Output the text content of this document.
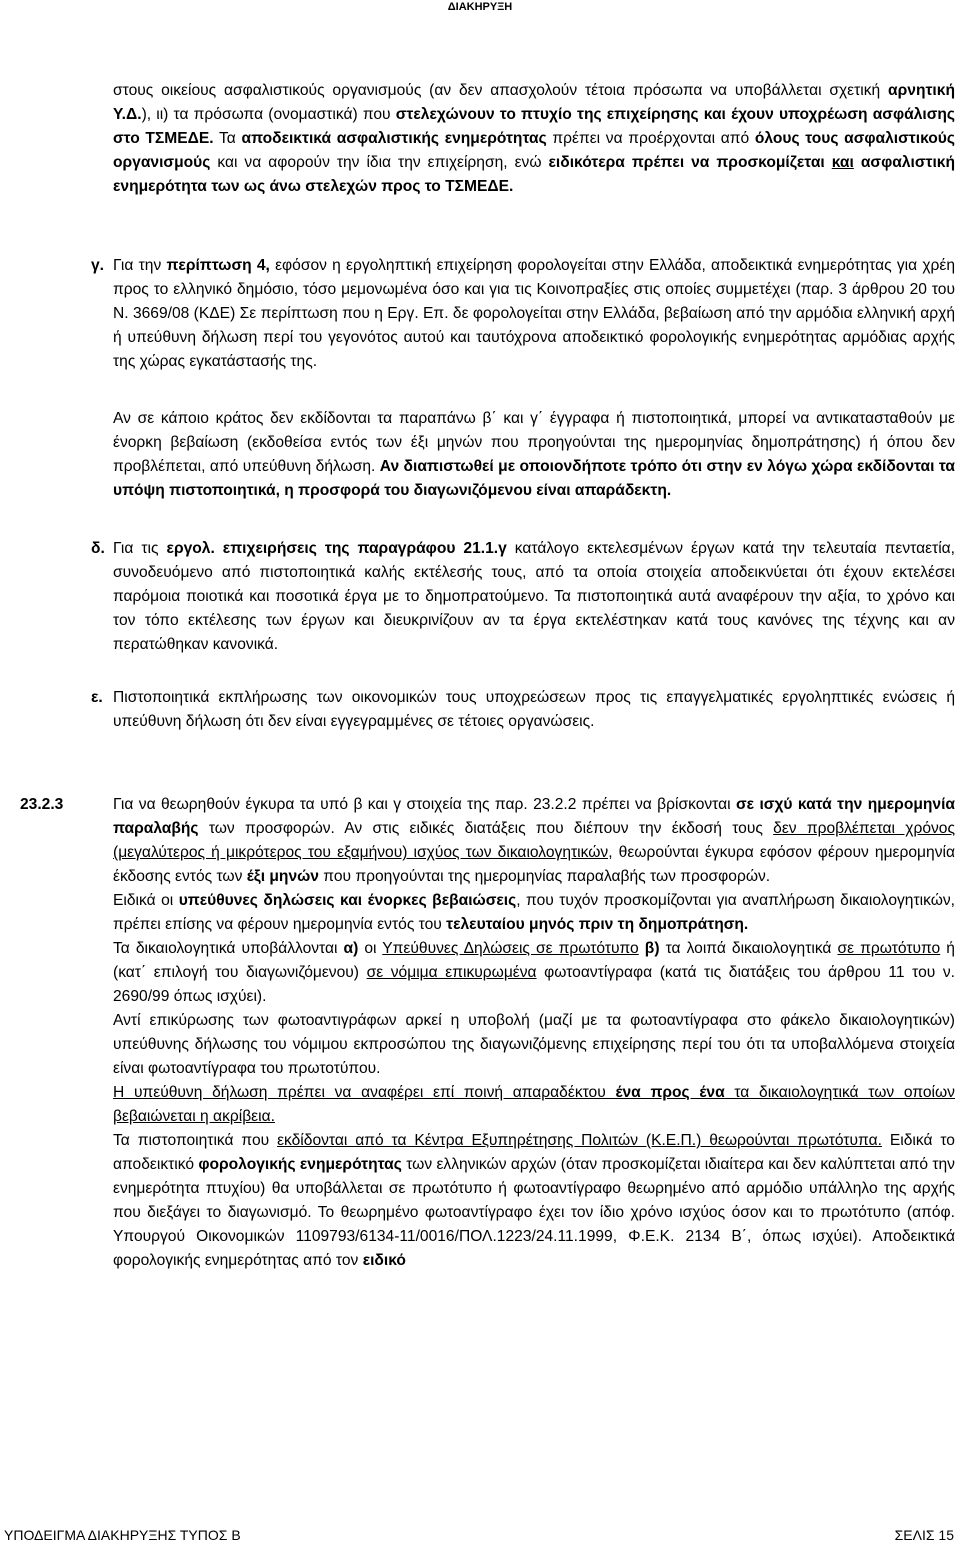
ΔΙΑΚΗΡΥΞΗ
στους οικείους ασφαλιστικούς οργανισμούς (αν δεν απασχολούν τέτοια πρόσωπα να υποβάλλεται σχετική αρνητική Υ.Δ.), ιι) τα πρόσωπα (ονομαστικά) που στελεχώνουν το πτυχίο της επιχείρησης και έχουν υποχρέωση ασφάλισης στο ΤΣΜΕΔΕ. Τα αποδεικτικά ασφαλιστικής ενημερότητας πρέπει να προέρχονται από όλους τους ασφαλιστικούς οργανισμούς και να αφορούν την ίδια την επιχείρηση, ενώ ειδικότερα πρέπει να προσκομίζεται και ασφαλιστική ενημερότητα των ως άνω στελεχών προς το ΤΣΜΕΔΕ.
γ. Για την περίπτωση 4, εφόσον η εργοληπτική επιχείρηση φορολογείται στην Ελλάδα, αποδεικτικά ενημερότητας για χρέη προς το ελληνικό δημόσιο, τόσο μεμονωμένα όσο και για τις Κοινοπραξίες στις οποίες συμμετέχει (παρ. 3 άρθρου 20 του Ν. 3669/08 (ΚΔΕ) Σε περίπτωση που η Εργ. Επ. δε φορολογείται στην Ελλάδα, βεβαίωση από την αρμόδια ελληνική αρχή ή υπεύθυνη δήλωση περί του γεγονότος αυτού και ταυτόχρονα αποδεικτικό φορολογικής ενημερότητας αρμόδιας αρχής της χώρας εγκατάστασής της.
Αν σε κάποιο κράτος δεν εκδίδονται τα παραπάνω β΄ και γ΄ έγγραφα ή πιστοποιητικά, μπορεί να αντικατασταθούν με ένορκη βεβαίωση (εκδοθείσα εντός των έξι μηνών που προηγούνται της ημερομηνίας δημοπράτησης) ή όπου δεν προβλέπεται, από υπεύθυνη δήλωση. Αν διαπιστωθεί με οποιονδήποτε τρόπο ότι στην εν λόγω χώρα εκδίδονται τα υπόψη πιστοποιητικά, η προσφορά του διαγωνιζόμενου είναι απαράδεκτη.
δ. Για τις εργολ. επιχειρήσεις της παραγράφου 21.1.γ κατάλογο εκτελεσμένων έργων κατά την τελευταία πενταετία, συνοδευόμενο από πιστοποιητικά καλής εκτέλεσής τους, από τα οποία στοιχεία αποδεικνύεται ότι έχουν εκτελέσει παρόμοια ποιοτικά και ποσοτικά έργα με το δημοπρατούμενο. Τα πιστοποιητικά αυτά αναφέρουν την αξία, το χρόνο και τον τόπο εκτέλεσης των έργων και διευκρινίζουν αν τα έργα εκτελέστηκαν κατά τους κανόνες της τέχνης και αν περατώθηκαν κανονικά.
ε. Πιστοποιητικά εκπλήρωσης των οικονομικών τους υποχρεώσεων προς τις επαγγελματικές εργοληπτικές ενώσεις ή υπεύθυνη δήλωση ότι δεν είναι εγγεγραμμένες σε τέτοιες οργανώσεις.
23.2.3	Για να θεωρηθούν έγκυρα τα υπό β και γ στοιχεία της παρ. 23.2.2 πρέπει να βρίσκονται σε ισχύ κατά την ημερομηνία παραλαβής των προσφορών. Αν στις ειδικές διατάξεις που διέπουν την έκδοσή τους δεν προβλέπεται χρόνος (μεγαλύτερος ή μικρότερος του εξαμήνου) ισχύος των δικαιολογητικών, θεωρούνται έγκυρα εφόσον φέρουν ημερομηνία έκδοσης εντός των έξι μηνών που προηγούνται της ημερομηνίας παραλαβής των προσφορών.
Ειδικά οι υπεύθυνες δηλώσεις και ένορκες βεβαιώσεις, που τυχόν προσκομίζονται για αναπλήρωση δικαιολογητικών, πρέπει επίσης να φέρουν ημερομηνία εντός του τελευταίου μηνός πριν τη δημοπράτηση.
Τα δικαιολογητικά υποβάλλονται α) οι Υπεύθυνες Δηλώσεις σε πρωτότυπο β) τα λοιπά δικαιολογητικά σε πρωτότυπο ή (κατ΄ επιλογή του διαγωνιζόμενου) σε νόμιμα επικυρωμένα φωτοαντίγραφα (κατά τις διατάξεις του άρθρου 11 του ν. 2690/99 όπως ισχύει).
Αντί επικύρωσης των φωτοαντιγράφων αρκεί η υποβολή (μαζί με τα φωτοαντίγραφα στο φάκελο δικαιολογητικών) υπεύθυνης δήλωσης του νόμιμου εκπροσώπου της διαγωνιζόμενης επιχείρησης περί του ότι τα υποβαλλόμενα στοιχεία είναι φωτοαντίγραφα του πρωτοτύπου.
Η υπεύθυνη δήλωση πρέπει να αναφέρει επί ποινή απαραδέκτου ένα προς ένα τα δικαιολογητικά των οποίων βεβαιώνεται η ακρίβεια.
Τα πιστοποιητικά που εκδίδονται από τα Κέντρα Εξυπηρέτησης Πολιτών (Κ.Ε.Π.) θεωρούνται πρωτότυπα. Ειδικά το αποδεικτικό φορολογικής ενημερότητας των ελληνικών αρχών (όταν προσκομίζεται ιδιαίτερα και δεν καλύπτεται από την ενημερότητα πτυχίου) θα υποβάλλεται σε πρωτότυπο ή φωτοαντίγραφο θεωρημένο από αρμόδιο υπάλληλο της αρχής που διεξάγει το διαγωνισμό. Το θεωρημένο φωτοαντίγραφο έχει τον ίδιο χρόνο ισχύος όσον και το πρωτότυπο (απόφ. Υπουργού Οικονομικών 1109793/6134-11/0016/ΠΟΛ.1223/24.11.1999, Φ.Ε.Κ. 2134 Β΄, όπως ισχύει). Αποδεικτικά φορολογικής ενημερότητας από τον ειδικό
ΥΠΟΔΕΙΓΜΑ ΔΙΑΚΗΡΥΞΗΣ ΤΥΠΟΣ Β	ΣΕΛΙΣ 15
